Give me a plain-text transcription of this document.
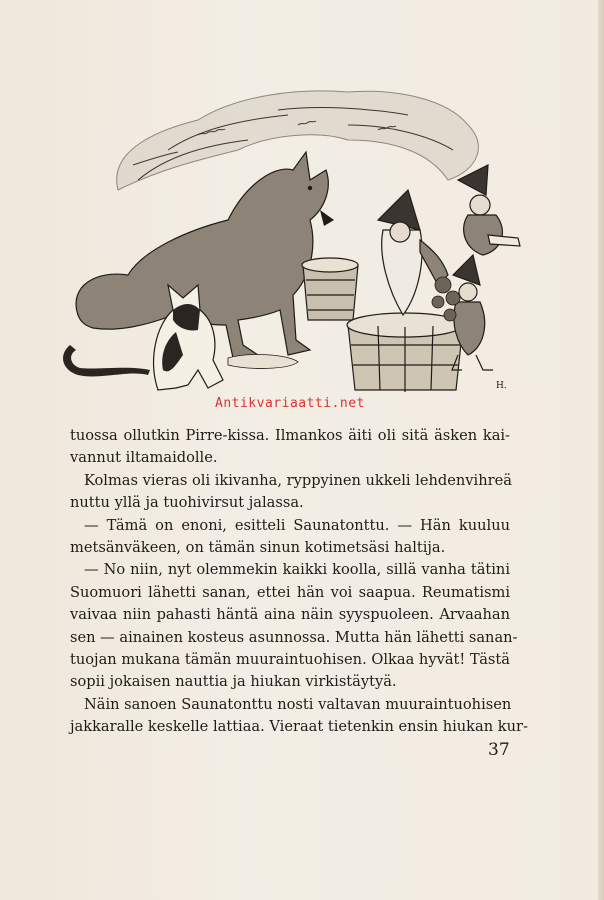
H.
Antikvariaatti.net

tuossa ollutkin Pirre-kissa. Ilmankos äiti oli sitä äsken kai-
vannut iltamaidolle.

Kolmas vieras oli ikivanha, ryppyinen ukkeli lehdenvihreä
nuttu yllä ja tuohivirsut jalassa.

— Tämä on enoni, esitteli Saunatonttu. — Hän kuuluu
metsänväkeen, on tämän sinun kotimetsäsi haltija.

— No niin, nyt olemmekin kaikki koolla, sillä vanha tätini
Suomuori lähetti sanan, ettei hän voi saapua. Reumatismi
vaivaa niin pahasti häntä aina näin syyspuoleen. Arvaahan
sen — ainainen kosteus asunnossa. Mutta hän lähetti sanan-
tuojan mukana tämän muuraintuohisen. Olkaa hyvät! Tästä
sopii jokaisen nauttia ja hiukan virkistäytyä.

Näin sanoen Saunatonttu nosti valtavan muuraintuohisen
jakkaralle keskelle lattiaa. Vieraat tietenkin ensin hiukan kur-

37
